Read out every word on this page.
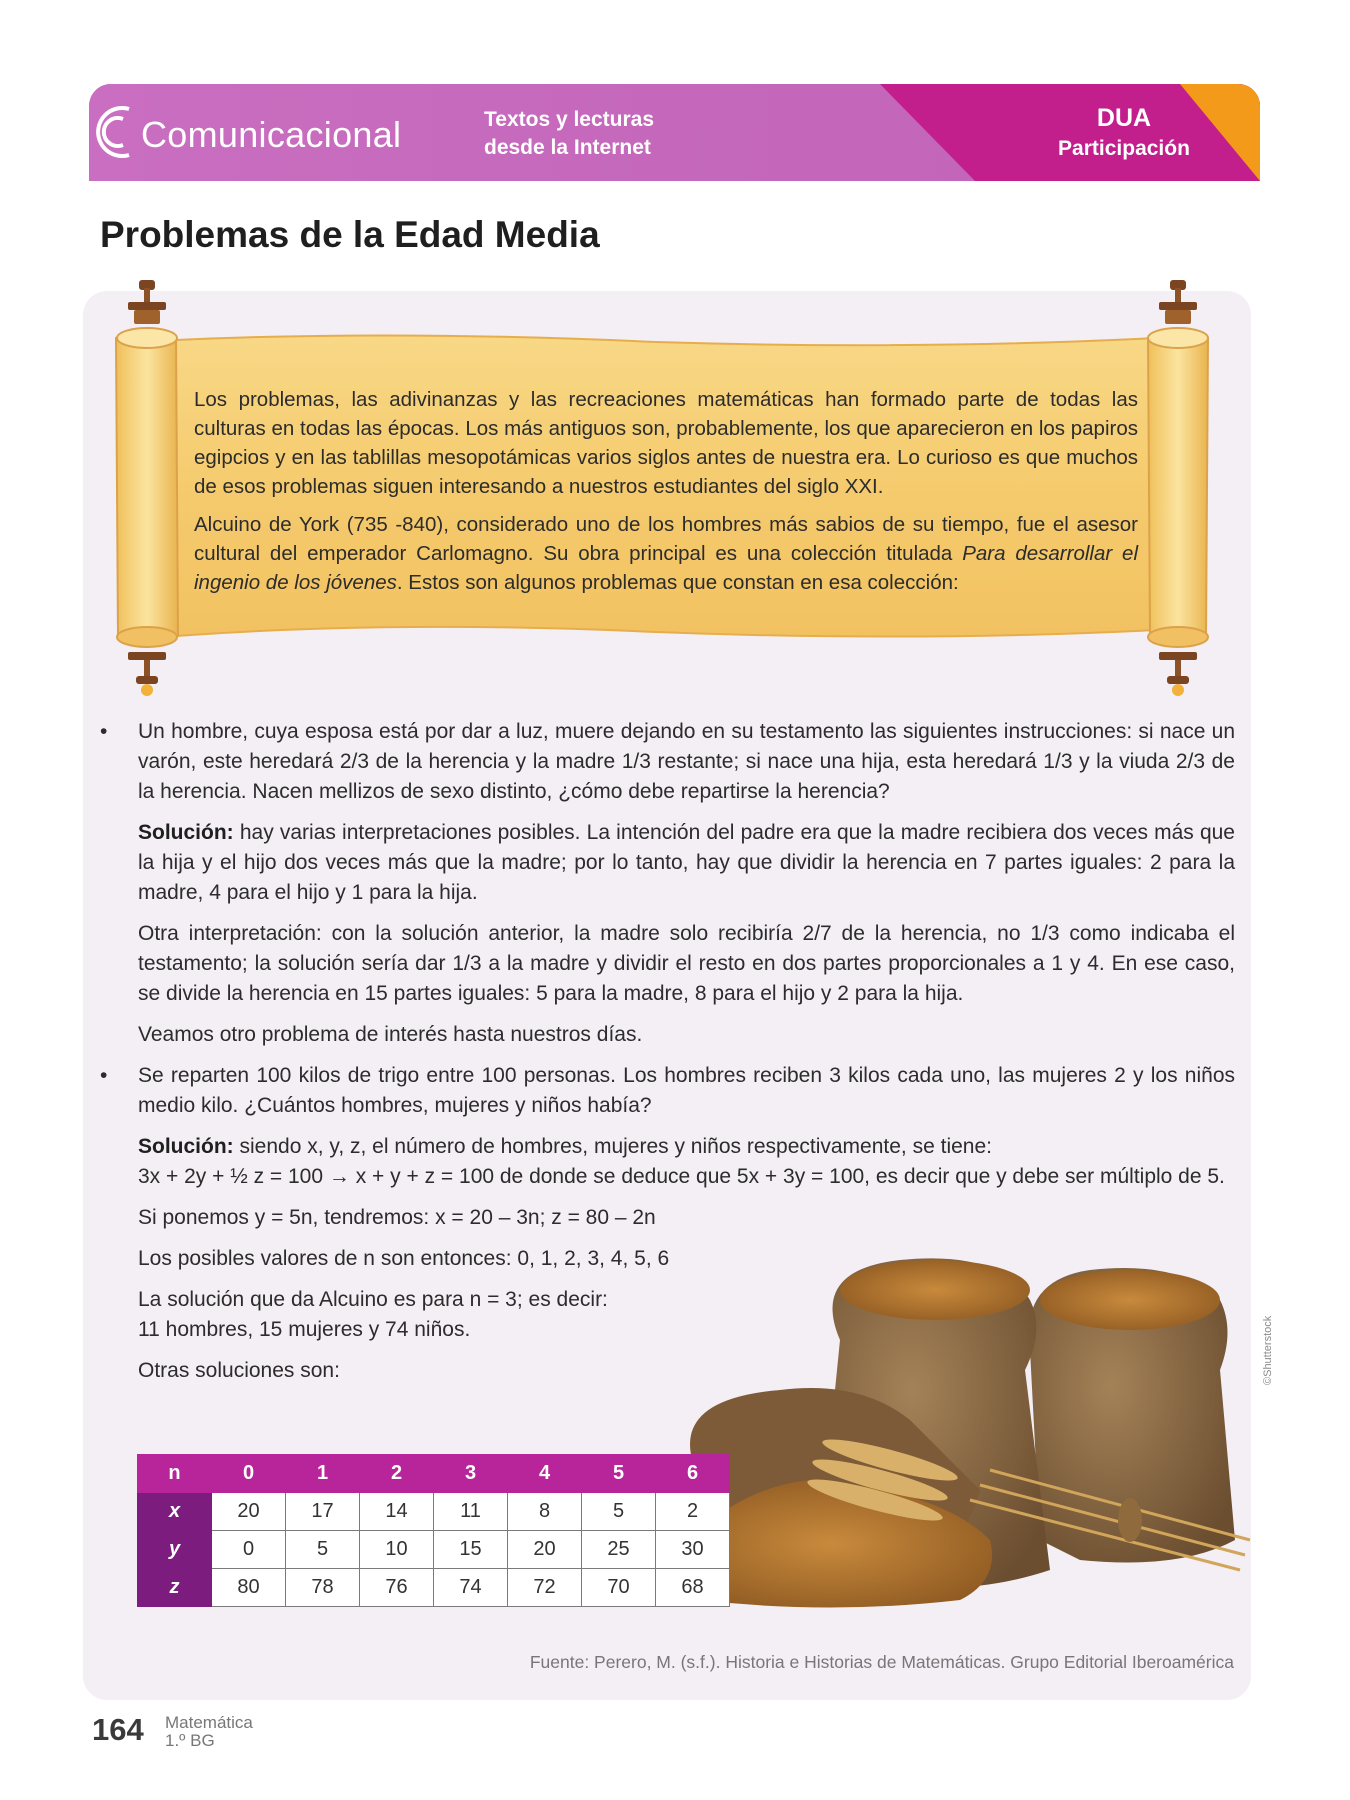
Comunicacional	Textos y lecturas
desde la Internet
DUA
Participación
Problemas de la Edad Media

Los problemas, las adivinanzas y las recreaciones matemáticas han formado parte de todas las culturas en todas las épocas. Los más antiguos son, probablemente, los que aparecieron en los papiros egipcios y en las tablillas mesopotámicas varios siglos antes de nuestra era. Lo curioso es que muchos de esos problemas siguen interesando a nuestros estudiantes del siglo XXI.

Alcuino de York (735 -840), considerado uno de los hombres más sabios de su tiempo, fue el asesor cultural del emperador Carlomagno. Su obra principal es una colección titulada Para desarrollar el ingenio de los jóvenes. Estos son algunos problemas que constan en esa colección:

• Un hombre, cuya esposa está por dar a luz, muere dejando en su testamento las siguientes instrucciones: si nace un varón, este heredará 2/3 de la herencia y la madre 1/3 restante; si nace una hija, esta heredará 1/3 y la viuda 2/3 de la herencia. Nacen mellizos de sexo distinto, ¿cómo debe repartirse la herencia?

Solución: hay varias interpretaciones posibles. La intención del padre era que la madre recibiera dos veces más que la hija y el hijo dos veces más que la madre; por lo tanto, hay que dividir la herencia en 7 partes iguales: 2 para la madre, 4 para el hijo y 1 para la hija.

Otra interpretación: con la solución anterior, la madre solo recibiría 2/7 de la herencia, no 1/3 como indicaba el testamento; la solución sería dar 1/3 a la madre y dividir el resto en dos partes proporcionales a 1 y 4. En ese caso, se divide la herencia en 15 partes iguales: 5 para la madre, 8 para el hijo y 2 para la hija.

Veamos otro problema de interés hasta nuestros días.

• Se reparten 100 kilos de trigo entre 100 personas. Los hombres reciben 3 kilos cada uno, las mujeres 2 y los niños medio kilo. ¿Cuántos hombres, mujeres y niños había?

Solución: siendo x, y, z, el número de hombres, mujeres y niños respectivamente, se tiene:
3x + 2y + ½ z = 100 → x + y + z = 100 de donde se deduce que 5x + 3y = 100, es decir que y debe ser múltiplo de 5.

Si ponemos y = 5n, tendremos: x = 20 – 3n; z = 80 – 2n

Los posibles valores de n son entonces: 0, 1, 2, 3, 4, 5, 6

La solución que da Alcuino es para n = 3; es decir:
11 hombres, 15 mujeres y 74 niños.

Otras soluciones son:	©Shutterstock
n	0	1	2	3	4	5	6
x	20	17	14	11	8	5	2
y	0	5	10	15	20	25	30
z	80	78	76	74	72	70	68
Fuente: Perero, M. (s.f.). Historia e Historias de Matemáticas. Grupo Editorial Iberoamérica
164 Matemática
1.º BG
